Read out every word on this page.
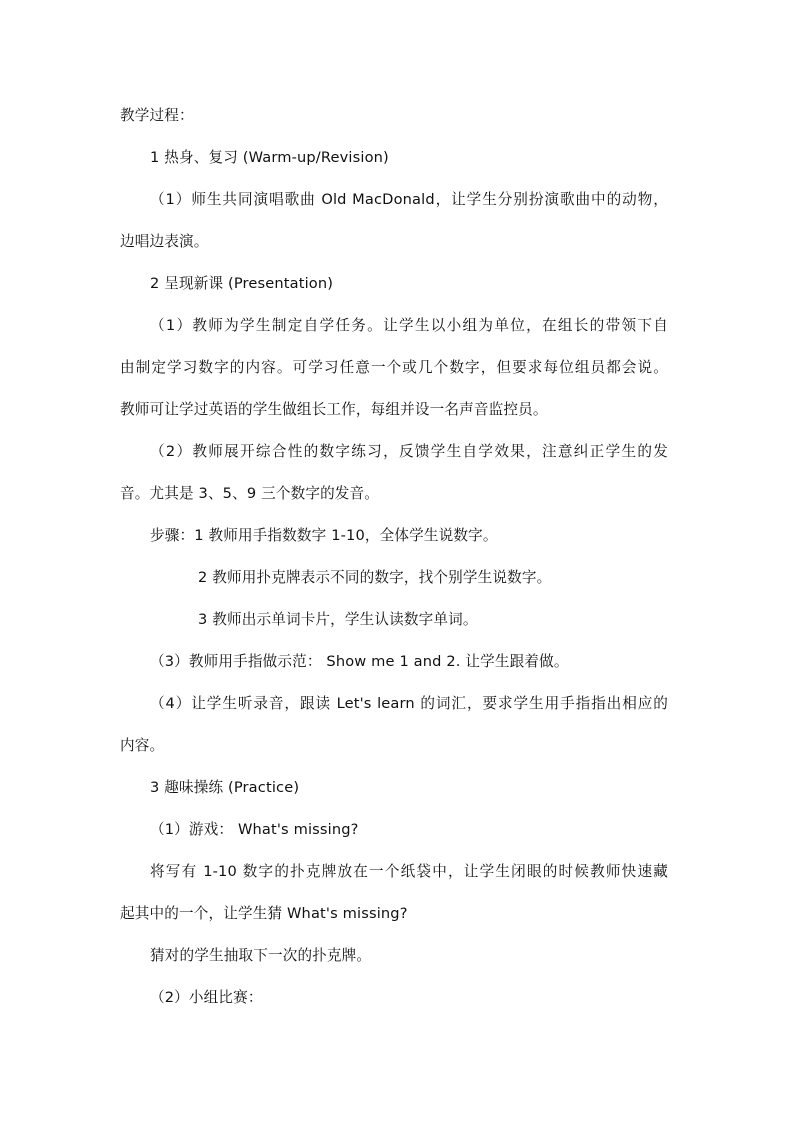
教学过程：
1 热身、复习 (Warm-up/Revision)
（1）师生共同演唱歌曲 Old MacDonald，让学生分别扮演歌曲中的动物，
边唱边表演。
2 呈现新课 (Presentation)
（1）教师为学生制定自学任务。让学生以小组为单位，在组长的带领下自
由制定学习数字的内容。可学习任意一个或几个数字，但要求每位组员都会说。
教师可让学过英语的学生做组长工作，每组并设一名声音监控员。
（2）教师展开综合性的数字练习，反馈学生自学效果，注意纠正学生的发
音。尤其是 3、5、9 三个数字的发音。
步骤：1 教师用手指数数字 1-10，全体学生说数字。
2 教师用扑克牌表示不同的数字，找个别学生说数字。
3 教师出示单词卡片，学生认读数字单词。
（3）教师用手指做示范： Show me 1 and 2. 让学生跟着做。
（4）让学生听录音，跟读 Let's learn 的词汇，要求学生用手指指出相应的
内容。
3 趣味操练 (Practice)
（1）游戏： What's missing?
将写有 1-10 数字的扑克牌放在一个纸袋中，让学生闭眼的时候教师快速藏
起其中的一个，让学生猜 What's missing?
猜对的学生抽取下一次的扑克牌。
（2）小组比赛：
